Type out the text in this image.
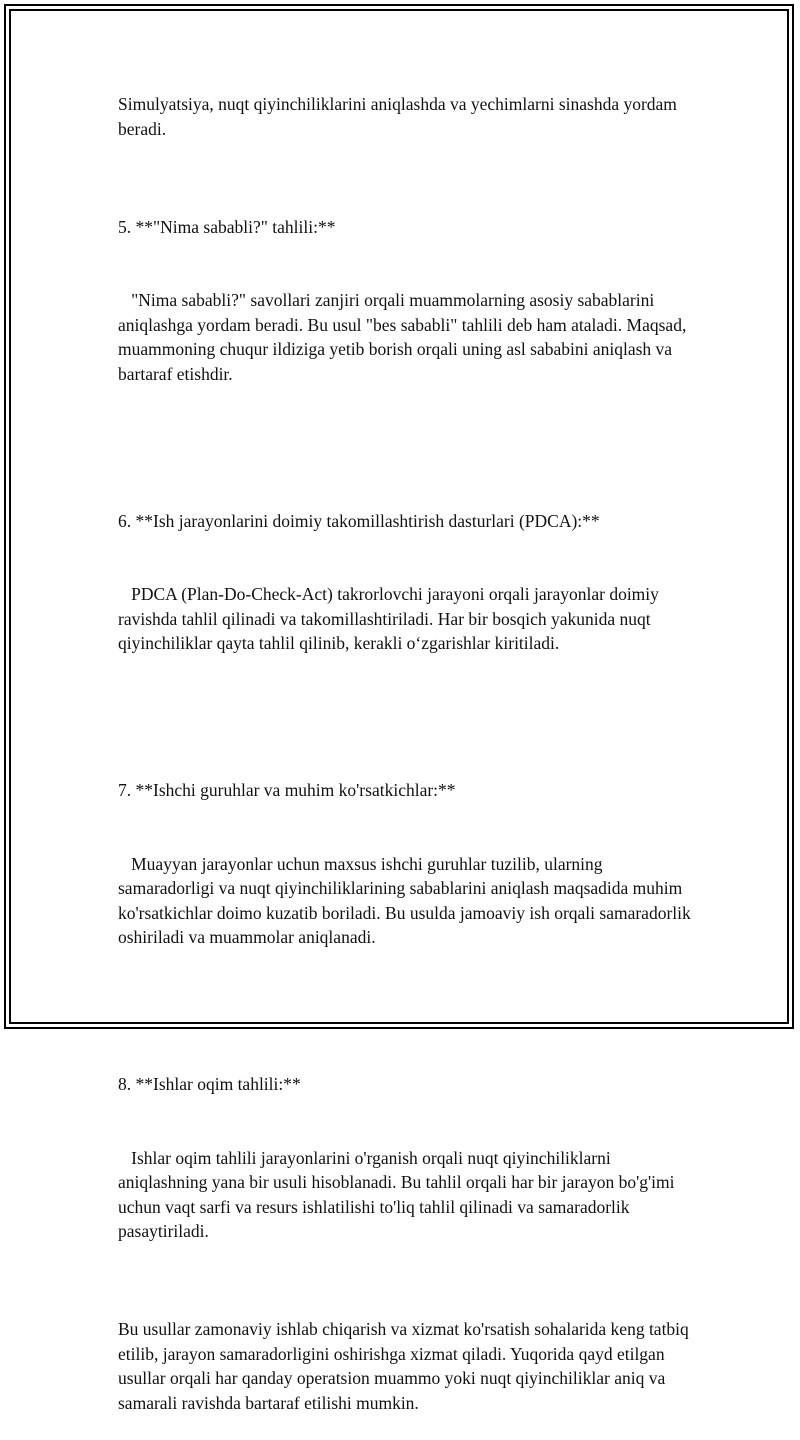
Simulyatsiya, nuqt qiyinchiliklarini aniqlashda va yechimlarni sinashda yordam beradi.

5. **"Nima sababli?" tahlili:**

"Nima sababli?" savollari zanjiri orqali muammolarning asosiy sabablarini aniqlashga yordam beradi. Bu usul "bes sababli" tahlili deb ham ataladi. Maqsad, muammoning chuqur ildiziga yetib borish orqali uning asl sababini aniqlash va bartaraf etishdir.

6. **Ish jarayonlarini doimiy takomillashtirish dasturlari (PDCA):**

PDCA (Plan-Do-Check-Act) takrorlovchi jarayoni orqali jarayonlar doimiy ravishda tahlil qilinadi va takomillashtiriladi. Har bir bosqich yakunida nuqt qiyinchiliklar qayta tahlil qilinib, kerakli o‘zgarishlar kiritiladi.

7. **Ishchi guruhlar va muhim ko'rsatkichlar:**

Muayyan jarayonlar uchun maxsus ishchi guruhlar tuzilib, ularning samaradorligi va nuqt qiyinchiliklarining sabablarini aniqlash maqsadida muhim ko'rsatkichlar doimo kuzatib boriladi. Bu usulda jamoaviy ish orqali samaradorlik oshiriladi va muammolar aniqlanadi.

8. **Ishlar oqim tahlili:**

Ishlar oqim tahlili jarayonlarini o'rganish orqali nuqt qiyinchiliklarni aniqlashning yana bir usuli hisoblanadi. Bu tahlil orqali har bir jarayon bo'g'imi uchun vaqt sarfi va resurs ishlatilishi to'liq tahlil qilinadi va samaradorlik pasaytiriladi.

Bu usullar zamonaviy ishlab chiqarish va xizmat ko'rsatish sohalarida keng tatbiq etilib, jarayon samaradorligini oshirishga xizmat qiladi. Yuqorida qayd etilgan usullar orqali har qanday operatsion muammo yoki nuqt qiyinchiliklar aniq va samarali ravishda bartaraf etilishi mumkin.
